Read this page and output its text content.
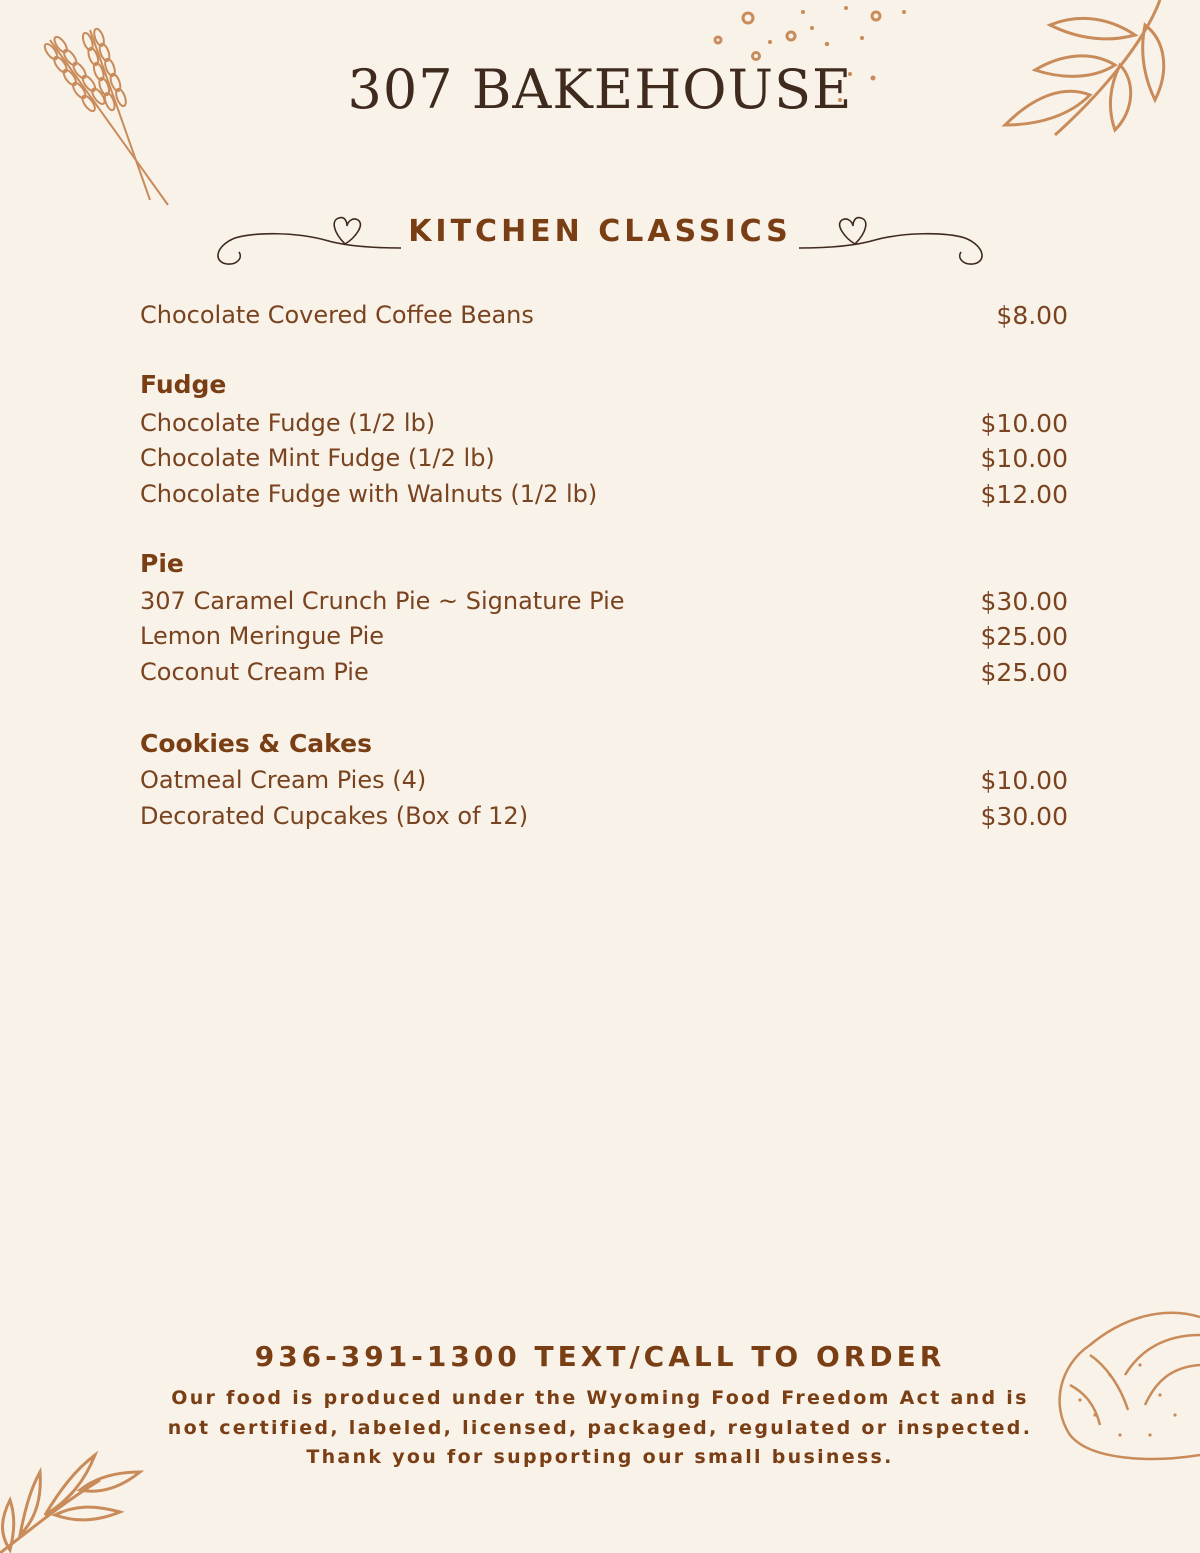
307 BAKEHOUSE
KITCHEN CLASSICS
Chocolate Covered Coffee Beans	$8.00
Fudge
Chocolate Fudge (1/2 lb)	$10.00
Chocolate Mint Fudge (1/2 lb)	$10.00
Chocolate Fudge with Walnuts (1/2 lb)	$12.00
Pie
307 Caramel Crunch Pie ~ Signature Pie	$30.00
Lemon Meringue Pie	$25.00
Coconut Cream Pie	$25.00
Cookies & Cakes
Oatmeal Cream Pies (4)	$10.00
Decorated Cupcakes (Box of 12)	$30.00
936-391-1300 TEXT/CALL TO ORDER
Our food is produced under the Wyoming Food Freedom Act and is not certified, labeled, licensed, packaged, regulated or inspected. Thank you for supporting our small business.
